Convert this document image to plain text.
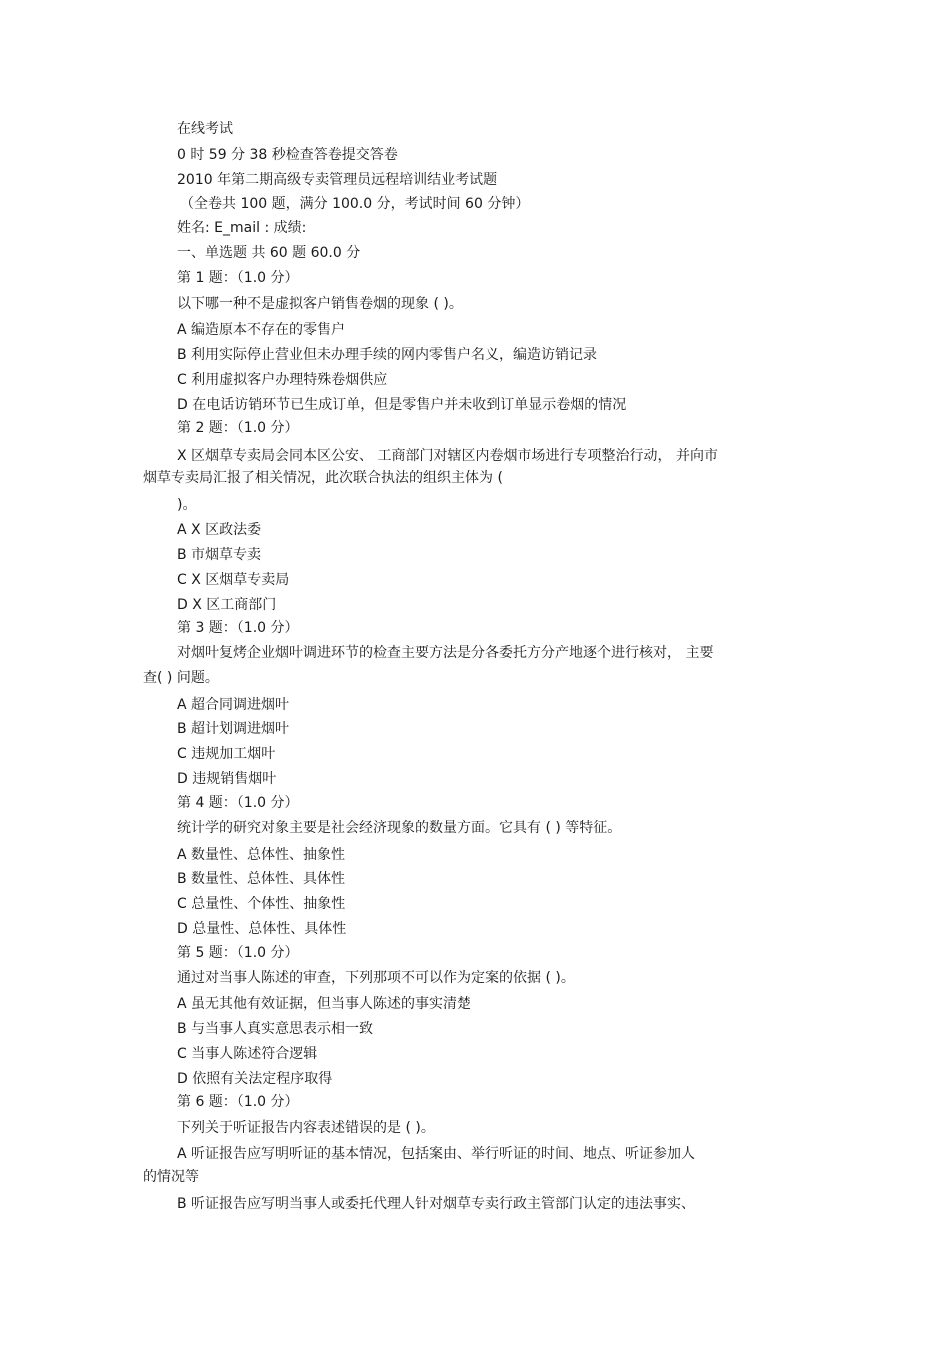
在线考试
0 时 59 分 38 秒检查答卷提交答卷
2010 年第二期高级专卖管理员远程培训结业考试题
（全卷共 100 题，满分 100.0 分，考试时间 60 分钟）
姓名: E_mail : 成绩:
一、单选题 共 60 题 60.0 分
第 1 题：（1.0 分）
以下哪一种不是虚拟客户销售卷烟的现象 ( )。
A 编造原本不存在的零售户
B 利用实际停止营业但未办理手续的网内零售户名义，编造访销记录
C 利用虚拟客户办理特殊卷烟供应
D 在电话访销环节已生成订单，但是零售户并未收到订单显示卷烟的情况
第 2 题：（1.0 分）
X 区烟草专卖局会同本区公安、 工商部门对辖区内卷烟市场进行专项整治行动， 并向市
烟草专卖局汇报了相关情况，此次联合执法的组织主体为 (
)。
A X 区政法委
B 市烟草专卖
C X 区烟草专卖局
D X 区工商部门
第 3 题：（1.0 分）
对烟叶复烤企业烟叶调进环节的检查主要方法是分各委托方分产地逐个进行核对， 主要
查( ) 问题。
A 超合同调进烟叶
B 超计划调进烟叶
C 违规加工烟叶
D 违规销售烟叶
第 4 题：（1.0 分）
统计学的研究对象主要是社会经济现象的数量方面。它具有 ( ) 等特征。
A 数量性、总体性、抽象性
B 数量性、总体性、具体性
C 总量性、个体性、抽象性
D 总量性、总体性、具体性
第 5 题：（1.0 分）
通过对当事人陈述的审查，下列那项不可以作为定案的依据 ( )。
A 虽无其他有效证据，但当事人陈述的事实清楚
B 与当事人真实意思表示相一致
C 当事人陈述符合逻辑
D 依照有关法定程序取得
第 6 题：（1.0 分）
下列关于听证报告内容表述错误的是 ( )。
A 听证报告应写明听证的基本情况，包括案由、举行听证的时间、地点、听证参加人
的情况等
B 听证报告应写明当事人或委托代理人针对烟草专卖行政主管部门认定的违法事实、
